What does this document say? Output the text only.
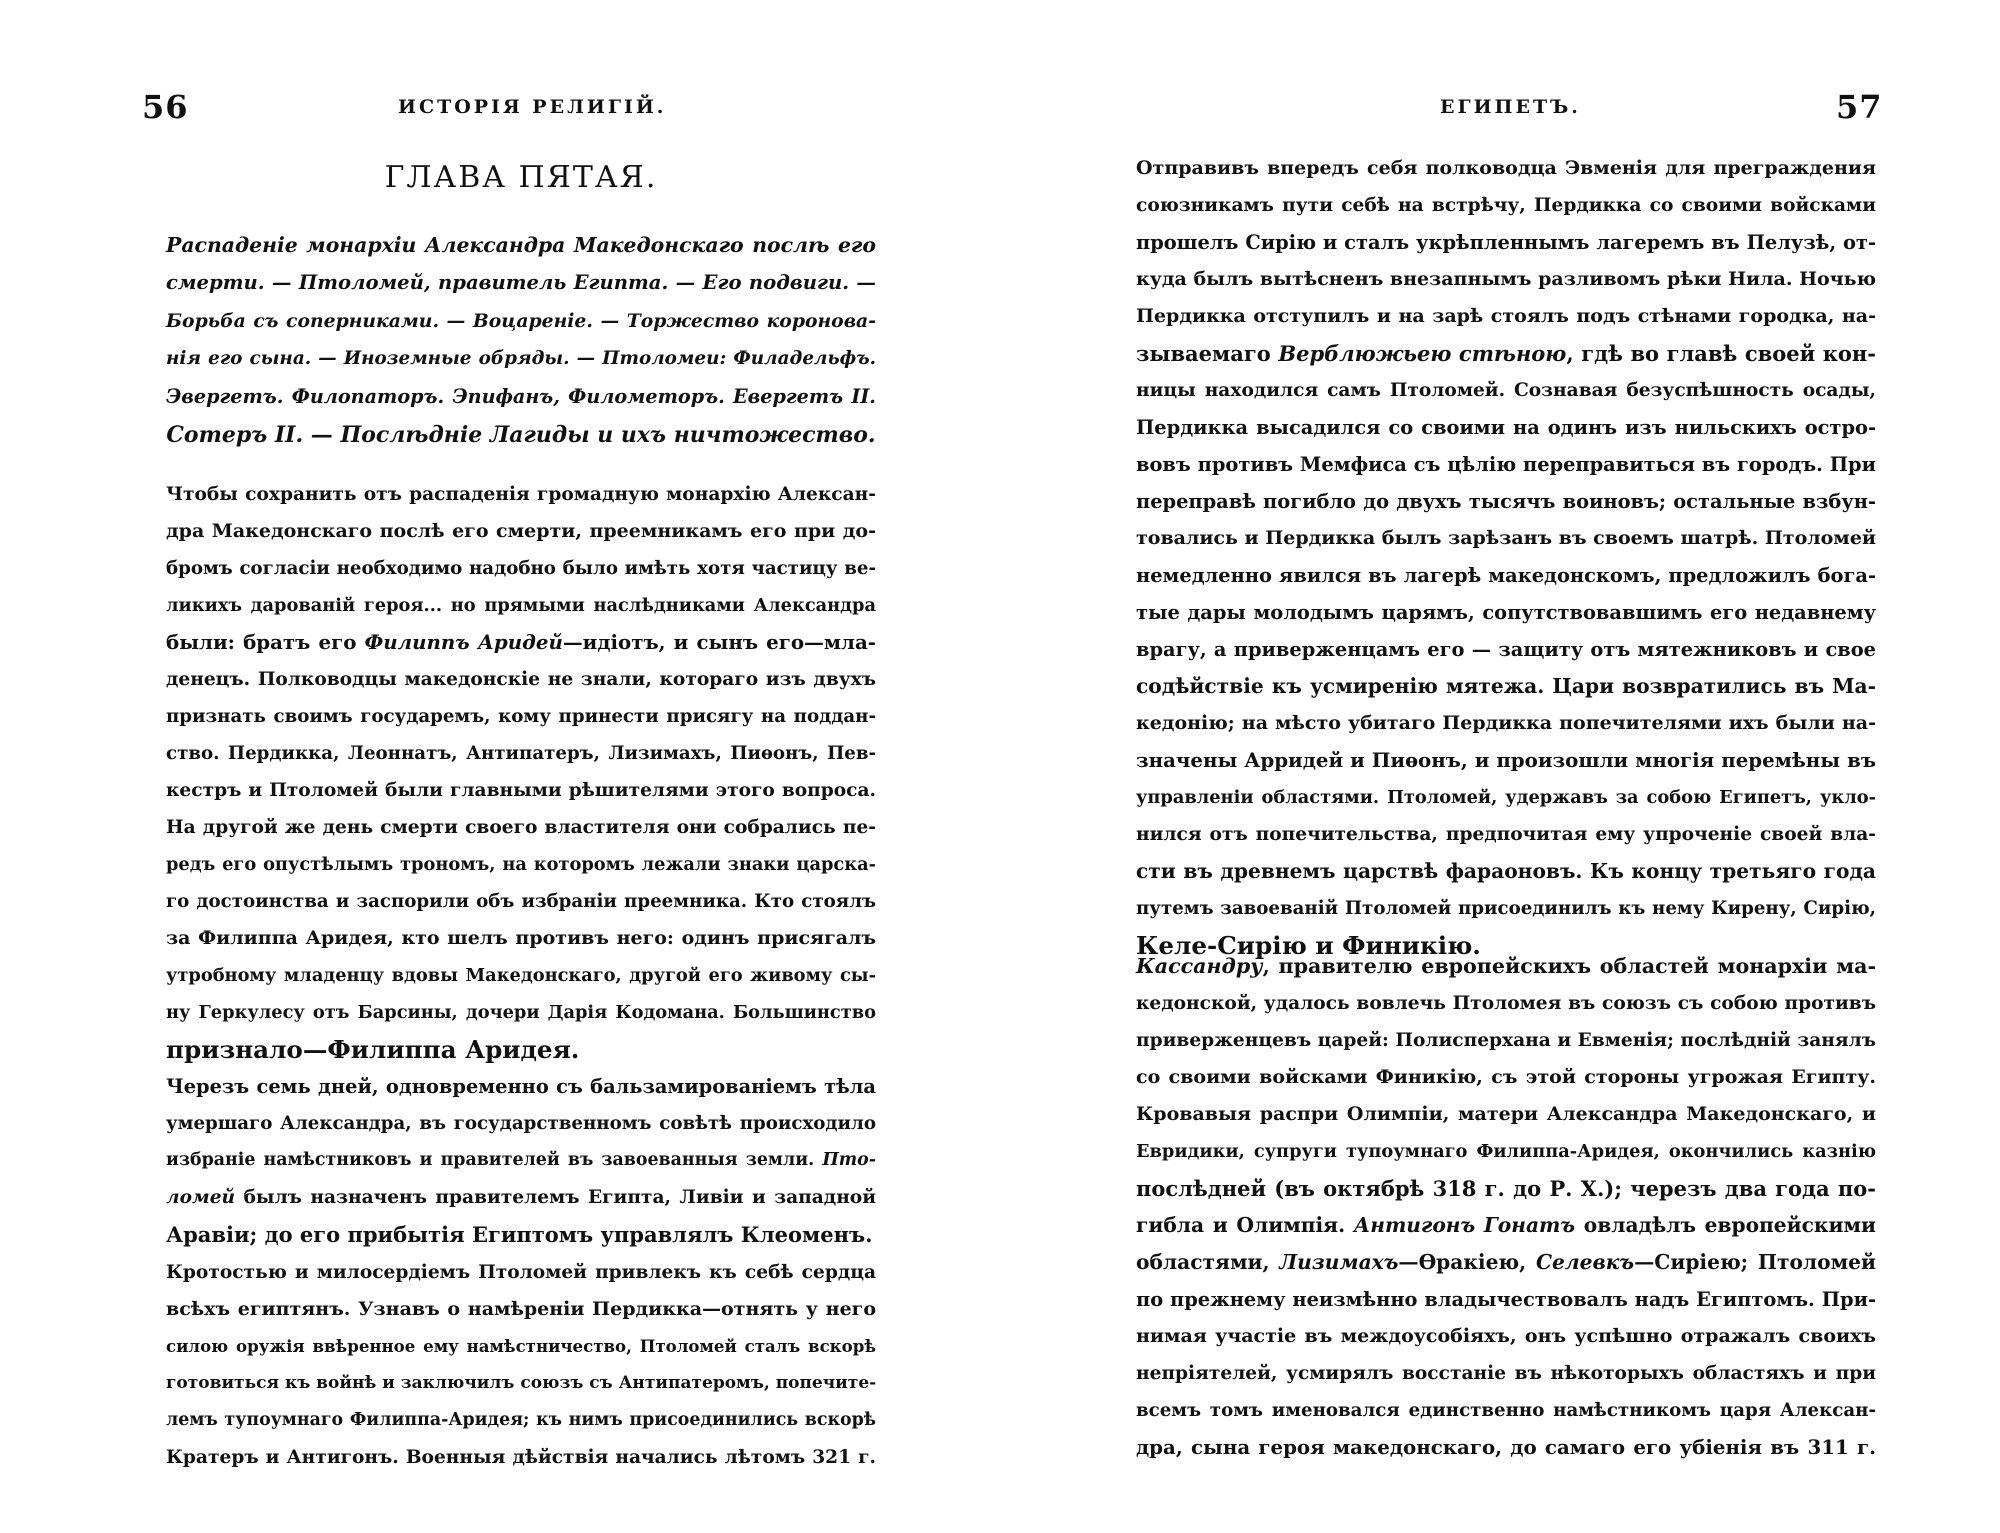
56	ИСТОРІЯ РЕЛИГІЙ.
ГЛАВА ПЯТАЯ.
Распаденіе монархіи Александра Македонскаго послѣ его
смерти. — Птоломей, правитель Египта. — Его подвиги. —
Борьба съ соперниками. — Воцареніе. — Торжество коронова-
нія его сына. — Иноземные обряды. — Птоломеи: Филадельфъ.
Эвергетъ. Филопаторъ. Эпифанъ, Филометоръ. Евергетъ II.
Сотеръ II. — Послѣдніе Лагиды и ихъ ничтожество.
Чтобы сохранить отъ распаденія громадную монархію Алексан-
дра Македонскаго послѣ его смерти, преемникамъ его при до-
бромъ согласіи необходимо надобно было имѣть хотя частицу ве-
ликихъ дарованій героя... но прямыми наслѣдниками Александра
были: братъ его Филиппъ Аридей—идіотъ, и сынъ его—мла-
денецъ. Полководцы македонскіе не знали, котораго изъ двухъ
признать своимъ государемъ, кому принести присягу на поддан-
ство. Пердикка, Леоннатъ, Антипатеръ, Лизимахъ, Пиѳонъ, Пев-
кестръ и Птоломей были главными рѣшителями этого вопроса.
На другой же день смерти своего властителя они собрались пе-
редъ его опустѣлымъ трономъ, на которомъ лежали знаки царска-
го достоинства и заспорили объ избраніи преемника. Кто стоялъ
за Филиппа Аридея, кто шелъ противъ него: одинъ присягалъ
утробному младенцу вдовы Македонскаго, другой его живому сы-
ну Геркулесу отъ Барсины, дочери Дарія Кодомана. Большинство
признало—Филиппа Аридея.
Черезъ семь дней, одновременно съ бальзамированіемъ тѣла
умершаго Александра, въ государственномъ совѣтѣ происходило
избраніе намѣстниковъ и правителей въ завоеванныя земли. Пто-
ломей былъ назначенъ правителемъ Египта, Ливіи и западной
Аравіи; до его прибытія Египтомъ управлялъ Клеоменъ.
Кротостью и милосердіемъ Птоломей привлекъ къ себѣ сердца
всѣхъ египтянъ. Узнавъ о намѣреніи Пердикка—отнять у него
силою оружія ввѣренное ему намѣстничество, Птоломей сталъ вскорѣ
готовиться къ войнѣ и заключилъ союзъ съ Антипатеромъ, попечите-
лемъ тупоумнаго Филиппа-Аридея; къ нимъ присоединились вскорѣ
Кратеръ и Антигонъ. Военныя дѣйствія начались лѣтомъ 321 г.
ЕГИПЕТЪ.	57
Отправивъ впередъ себя полководца Эвменія для преграждения
союзникамъ пути себѣ на встрѣчу, Пердикка со своими войсками
прошелъ Сирію и сталъ укрѣпленнымъ лагеремъ въ Пелузѣ, от-
куда былъ вытѣсненъ внезапнымъ разливомъ рѣки Нила. Ночью
Пердикка отступилъ и на зарѣ стоялъ подъ стѣнами городка, на-
зываемаго Верблюжьею стѣною, гдѣ во главѣ своей кон-
ницы находился самъ Птоломей. Сознавая безуспѣшность осады,
Пердикка высадился со своими на одинъ изъ нильскихъ остро-
вовъ противъ Мемфиса съ цѣлію переправиться въ городъ. При
переправѣ погибло до двухъ тысячъ воиновъ; остальные взбун-
товались и Пердикка былъ зарѣзанъ въ своемъ шатрѣ. Птоломей
немедленно явился въ лагерѣ македонскомъ, предложилъ бога-
тые дары молодымъ царямъ, сопутствовавшимъ его недавнему
врагу, а приверженцамъ его — защиту отъ мятежниковъ и свое
содѣйствіе къ усмиренію мятежа. Цари возвратились въ Ма-
кедонію; на мѣсто убитаго Пердикка попечителями ихъ были на-
значены Арридей и Пиѳонъ, и произошли многія перемѣны въ
управленіи областями. Птоломей, удержавъ за собою Египетъ, укло-
нился отъ попечительства, предпочитая ему упроченіе своей вла-
сти въ древнемъ царствѣ фараоновъ. Къ концу третьяго года
путемъ завоеваній Птоломей присоединилъ къ нему Кирену, Сирію,
Келе-Сирію и Финикію.
Кассандру, правителю европейскихъ областей монархіи ма-
кедонской, удалось вовлечь Птоломея въ союзъ съ собою противъ
приверженцевъ царей: Полисперхана и Евменія; послѣдній занялъ
со своими войсками Финикію, съ этой стороны угрожая Египту.
Кровавыя распри Олимпіи, матери Александра Македонскаго, и
Евридики, супруги тупоумнаго Филиппа-Аридея, окончились казнію
послѣдней (въ октябрѣ 318 г. до Р. Х.); черезъ два года по-
гибла и Олимпія. Антигонъ Гонатъ овладѣлъ европейскими
областями, Лизимахъ—Ѳракіею, Селевкъ—Сиріею; Птоломей
по прежнему неизмѣнно владычествовалъ надъ Египтомъ. При-
нимая участіе въ междоусобіяхъ, онъ успѣшно отражалъ своихъ
непріятелей, усмирялъ восстаніе въ нѣкоторыхъ областяхъ и при
всемъ томъ именовался единственно намѣстникомъ царя Алексан-
дра, сына героя македонскаго, до самаго его убіенія въ 311 г.
